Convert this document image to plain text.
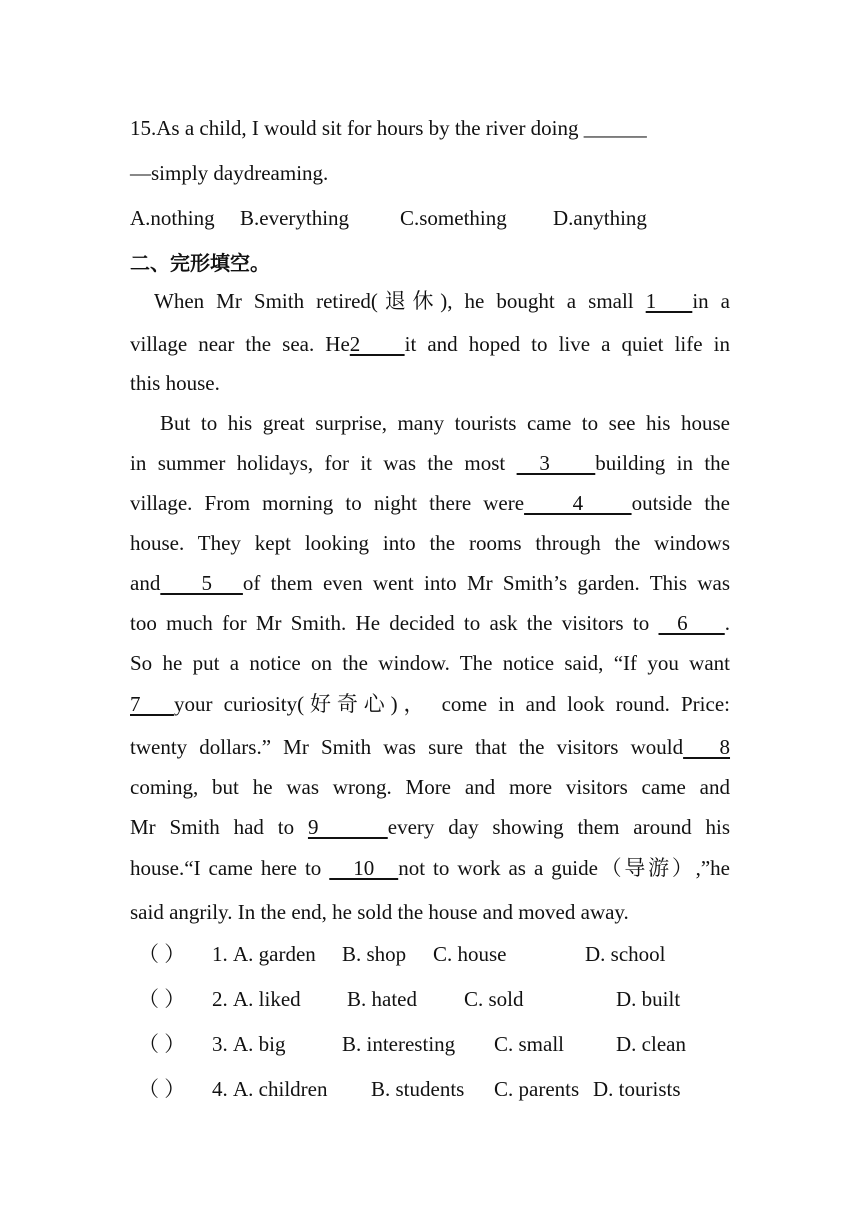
15.As a child, I would sit for hours by the river doing ______
—simply daydreaming.
A.nothing B.everything C.something D.anything
二、完形填空。
When Mr Smith retired(退休), he bought a small 1   in a
village near the sea. He2    it and hoped to live a quiet life in
this house.
But to his great surprise, many tourists came to see his house
in summer holidays, for it was the most   3    building in the
village. From morning to night there were    4    outside the
house. They kept looking into the rooms through the windows
and    5   of them even went into Mr Smith’s garden. This was
too much for Mr Smith. He decided to ask the visitors to   6    .
So he put a notice on the window. The notice said, “If you want
7   your curiosity(好奇心)， come in and look round. Price:
twenty dollars.” Mr Smith was sure that the visitors would   8
coming, but he was wrong. More and more visitors came and
Mr Smith had to 9     every day showing them around his
house.“I came here to    10   not to work as a guide（导游）,”he
said angrily. In the end, he sold the house and moved away.
（ ） 1. A. garden B. shop C. house	D. school
（ ） 2. A. liked B. hated C. sold	D. built
（ ） 3. A. big	B. interesting C. small D. clean
（ ） 4. A. children B. students C. parents D. tourists
